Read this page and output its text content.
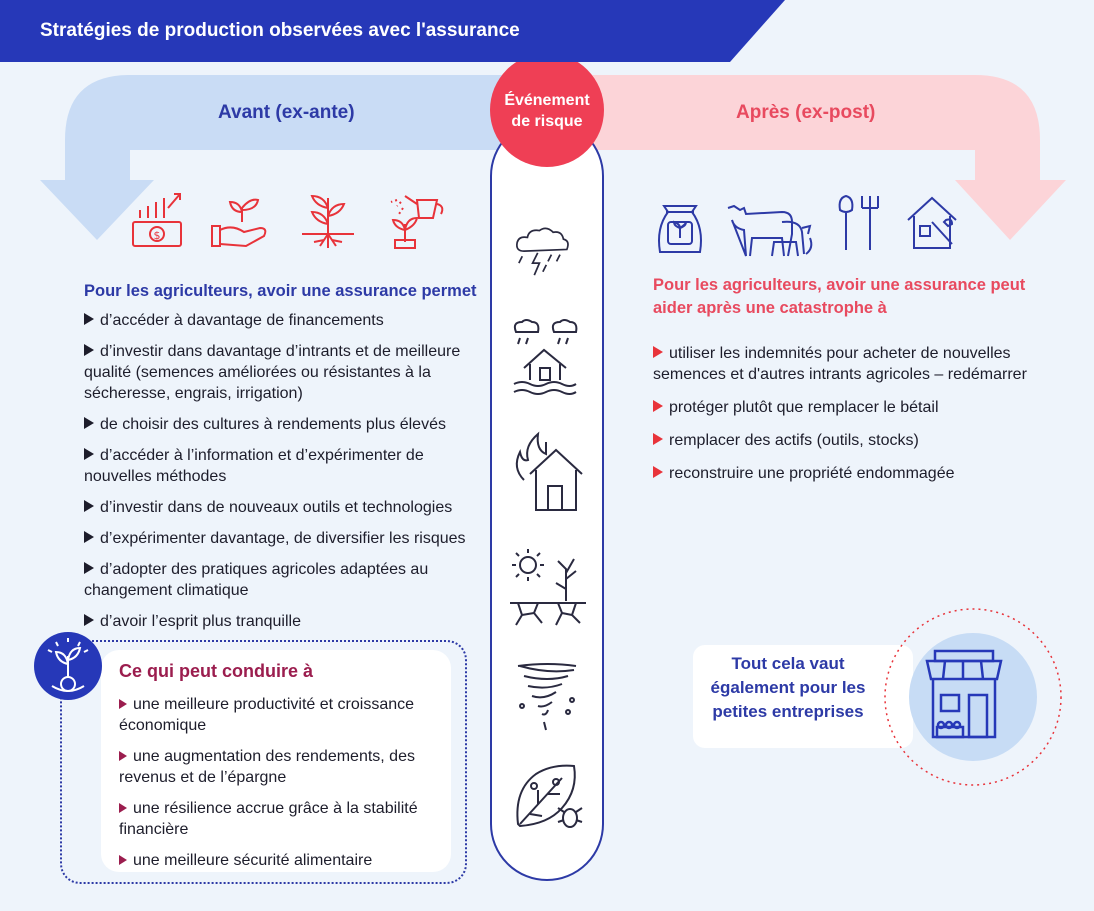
Stratégies de production observées avec l'assurance
Avant (ex-ante)	Après (ex-post)
Événement de risque
$
Pour les agriculteurs, avoir une assurance permet
d’accéder à davantage de financements
d’investir dans davantage d’intrants et de meilleure qualité (semences améliorées ou résistantes à la sécheresse, engrais, irrigation)
de choisir des cultures à rendements plus élevés
d’accéder à l’information et d’expérimenter de nouvelles méthodes
d’investir dans de nouveaux outils et technologies
d’expérimenter davantage, de diversifier les risques
d’adopter des pratiques agricoles adaptées au changement climatique
d’avoir l’esprit plus tranquille
Pour les agriculteurs, avoir une assurance peut aider après une catastrophe à
utiliser les indemnités pour acheter de nouvelles semences et d'autres intrants agricoles – redémarrer
protéger plutôt que remplacer le bétail
remplacer des actifs (outils, stocks)
reconstruire une propriété endommagée
Ce qui peut conduire à
une meilleure productivité et croissance économique
une augmentation des rendements, des revenus et de l’épargne
une résilience accrue grâce à la stabilité financière
une meilleure sécurité alimentaire
Tout cela vaut également pour les petites entreprises
